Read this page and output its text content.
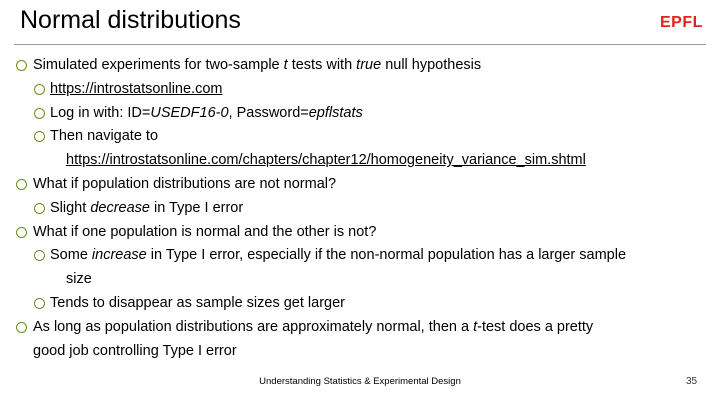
Normal distributions	EPFL
Simulated experiments for two-sample t tests with true null hypothesis
https://introstatsonline.com
Log in with: ID=USEDF16-0, Password=epflstats
Then navigate to
https://introstatsonline.com/chapters/chapter12/homogeneity_variance_sim.shtml
What if population distributions are not normal?
Slight decrease in Type I error
What if one population is normal and the other is not?
Some increase in Type I error, especially if the non-normal population has a larger sample
size
Tends to disappear as sample sizes get larger
As long as population distributions are approximately normal, then a t-test does a pretty
good job controlling Type I error
Understanding Statistics & Experimental Design	35
